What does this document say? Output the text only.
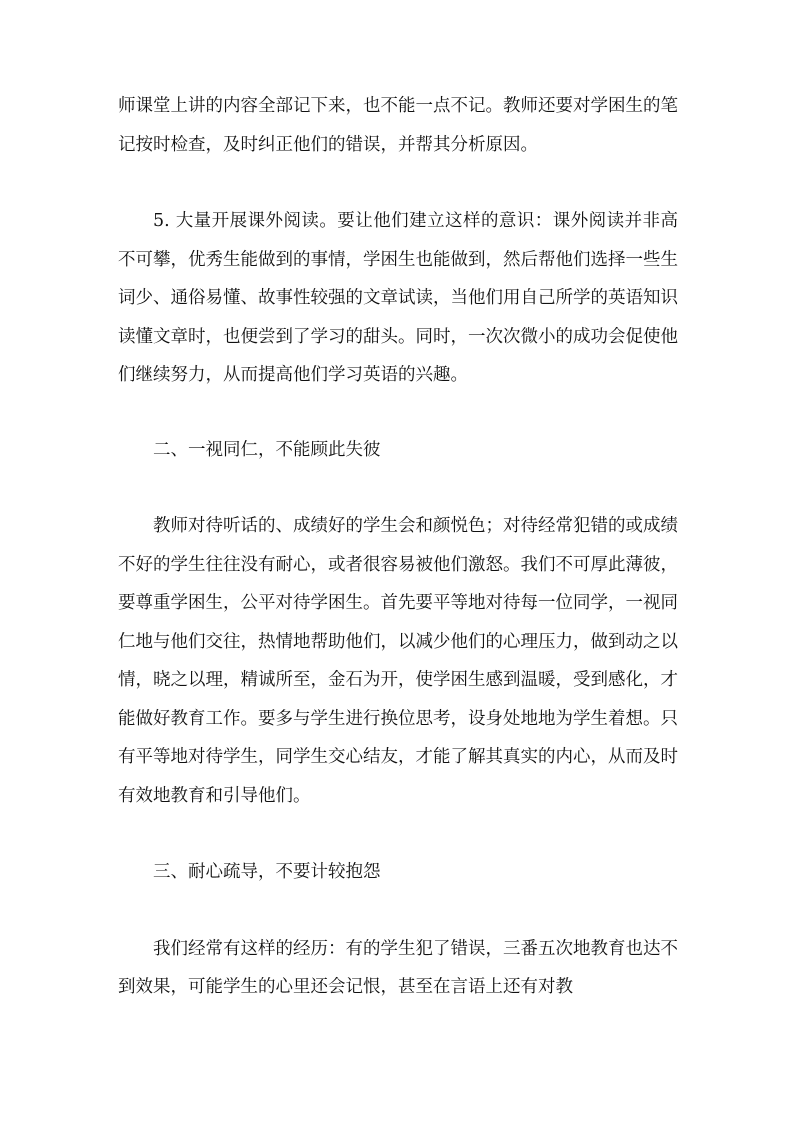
师课堂上讲的内容全部记下来，也不能一点不记。教师还要对学困生的笔记按时检查，及时纠正他们的错误，并帮其分析原因。

5. 大量开展课外阅读。要让他们建立这样的意识：课外阅读并非高不可攀，优秀生能做到的事情，学困生也能做到，然后帮他们选择一些生词少、通俗易懂、故事性较强的文章试读，当他们用自己所学的英语知识读懂文章时，也便尝到了学习的甜头。同时，一次次微小的成功会促使他们继续努力，从而提高他们学习英语的兴趣。

二、一视同仁，不能顾此失彼

教师对待听话的、成绩好的学生会和颜悦色；对待经常犯错的或成绩不好的学生往往没有耐心，或者很容易被他们激怒。我们不可厚此薄彼，要尊重学困生，公平对待学困生。首先要平等地对待每一位同学，一视同仁地与他们交往，热情地帮助他们，以减少他们的心理压力，做到动之以情，晓之以理，精诚所至，金石为开，使学困生感到温暖，受到感化，才能做好教育工作。要多与学生进行换位思考，设身处地地为学生着想。只有平等地对待学生，同学生交心结友，才能了解其真实的内心，从而及时有效地教育和引导他们。

三、耐心疏导，不要计较抱怨

我们经常有这样的经历：有的学生犯了错误，三番五次地教育也达不到效果，可能学生的心里还会记恨，甚至在言语上还有对教
